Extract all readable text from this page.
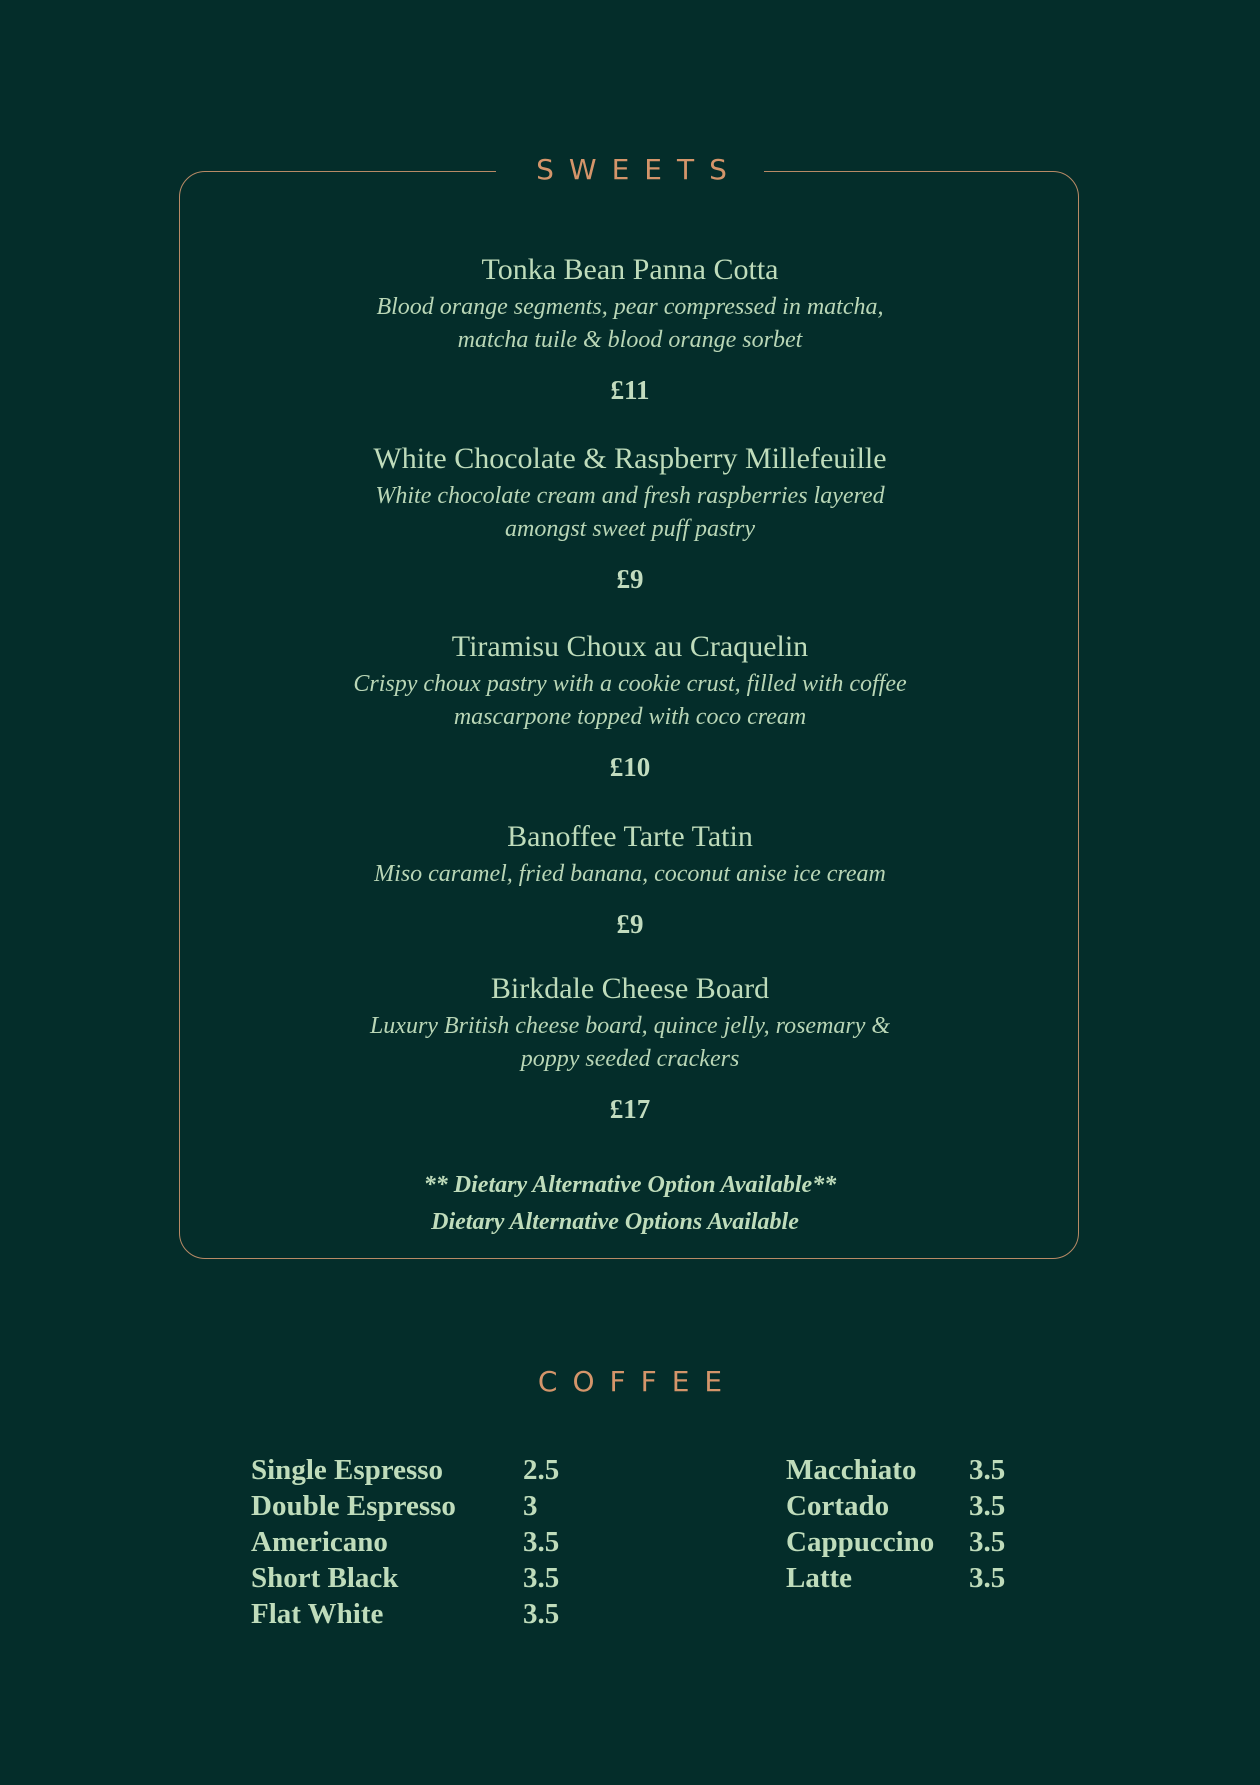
SWEETS

Tonka Bean Panna Cotta

Blood orange segments, pear compressed in matcha,
matcha tuile & blood orange sorbet

£11

White Chocolate & Raspberry Millefeuille

White chocolate cream and fresh raspberries layered
amongst sweet puff pastry

£9

Tiramisu Choux au Craquelin

Crispy choux pastry with a cookie crust, filled with coffee
mascarpone topped with coco cream

£10

Banoffee Tarte Tatin

Miso caramel, fried banana, coconut anise ice cream

£9

Birkdale Cheese Board

Luxury British cheese board, quince jelly, rosemary &
poppy seeded crackers

£17

** Dietary Alternative Option Available**
Dietary Alternative Options Available
COFFEE
Single Espresso	2.5
Double Espresso	3
Americano	3.5
Short Black	3.5
Flat White	3.5
Macchiato	3.5
Cortado	3.5
Cappuccino	3.5
Latte	3.5
